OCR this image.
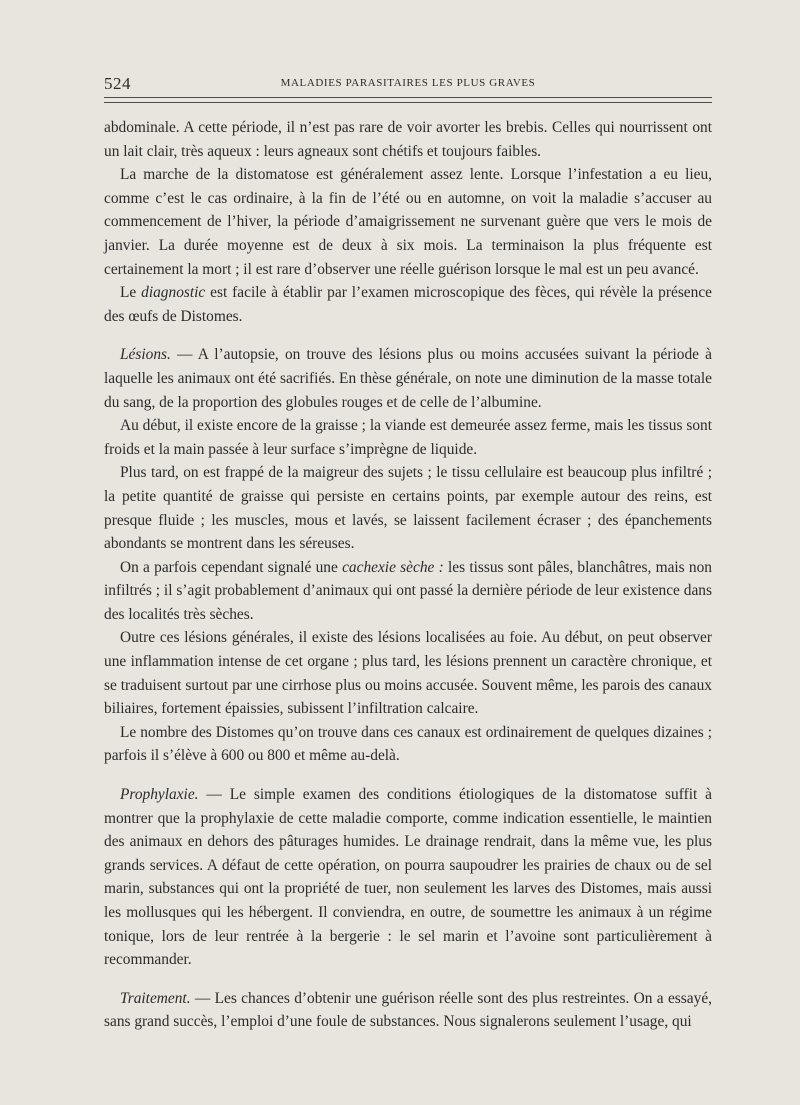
524	MALADIES PARASITAIRES LES PLUS GRAVES

abdominale. A cette période, il n’est pas rare de voir avorter les brebis. Celles qui nourrissent ont un lait clair, très aqueux : leurs agneaux sont chétifs et toujours faibles.

La marche de la distomatose est généralement assez lente. Lorsque l’infestation a eu lieu, comme c’est le cas ordinaire, à la fin de l’été ou en automne, on voit la maladie s’accuser au commencement de l’hiver, la période d’amaigrissement ne survenant guère que vers le mois de janvier. La durée moyenne est de deux à six mois. La terminaison la plus fréquente est certainement la mort ; il est rare d’observer une réelle guérison lorsque le mal est un peu avancé.

Le diagnostic est facile à établir par l’examen microscopique des fèces, qui révèle la présence des œufs de Distomes.

Lésions. — A l’autopsie, on trouve des lésions plus ou moins accusées suivant la période à laquelle les animaux ont été sacrifiés. En thèse générale, on note une diminution de la masse totale du sang, de la proportion des globules rouges et de celle de l’albumine.

Au début, il existe encore de la graisse ; la viande est demeurée assez ferme, mais les tissus sont froids et la main passée à leur surface s’imprègne de liquide.

Plus tard, on est frappé de la maigreur des sujets ; le tissu cellulaire est beaucoup plus infiltré ; la petite quantité de graisse qui persiste en certains points, par exemple autour des reins, est presque fluide ; les muscles, mous et lavés, se laissent facilement écraser ; des épanchements abondants se montrent dans les séreuses.

On a parfois cependant signalé une cachexie sèche : les tissus sont pâles, blanchâtres, mais non infiltrés ; il s’agit probablement d’animaux qui ont passé la dernière période de leur existence dans des localités très sèches.

Outre ces lésions générales, il existe des lésions localisées au foie. Au début, on peut observer une inflammation intense de cet organe ; plus tard, les lésions prennent un caractère chronique, et se traduisent surtout par une cirrhose plus ou moins accusée. Souvent même, les parois des canaux biliaires, fortement épaissies, subissent l’infiltration calcaire.

Le nombre des Distomes qu’on trouve dans ces canaux est ordinairement de quelques dizaines ; parfois il s’élève à 600 ou 800 et même au-delà.

Prophylaxie. — Le simple examen des conditions étiologiques de la distomatose suffit à montrer que la prophylaxie de cette maladie comporte, comme indication essentielle, le maintien des animaux en dehors des pâturages humides. Le drainage rendrait, dans la même vue, les plus grands services. A défaut de cette opération, on pourra saupoudrer les prairies de chaux ou de sel marin, substances qui ont la propriété de tuer, non seulement les larves des Distomes, mais aussi les mollusques qui les hébergent. Il conviendra, en outre, de soumettre les animaux à un régime tonique, lors de leur rentrée à la bergerie : le sel marin et l’avoine sont particulièrement à recommander.

Traitement. — Les chances d’obtenir une guérison réelle sont des plus restreintes. On a essayé, sans grand succès, l’emploi d’une foule de substances. Nous signalerons seulement l’usage, qui
